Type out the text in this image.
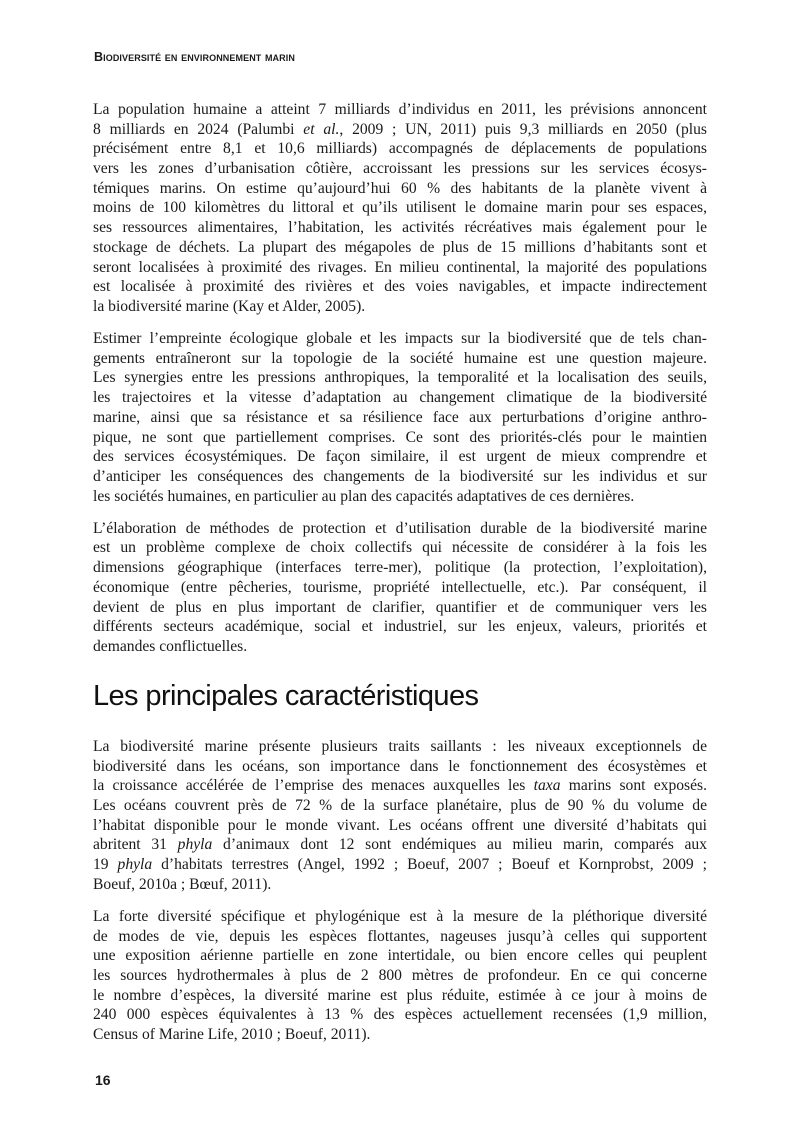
Biodiversité en environnement marin
La population humaine a atteint 7 milliards d’individus en 2011, les prévisions annoncent
8 milliards en 2024 (Palumbi et al., 2009 ; UN, 2011) puis 9,3 milliards en 2050 (plus
précisément entre 8,1 et 10,6 milliards) accompagnés de déplacements de populations
vers les zones d’urbanisation côtière, accroissant les pressions sur les services écosys-
témiques marins. On estime qu’aujourd’hui 60 % des habitants de la planète vivent à
moins de 100 kilomètres du littoral et qu’ils utilisent le domaine marin pour ses espaces,
ses ressources alimentaires, l’habitation, les activités récréatives mais également pour le
stockage de déchets. La plupart des mégapoles de plus de 15 millions d’habitants sont et
seront localisées à proximité des rivages. En milieu continental, la majorité des populations
est localisée à proximité des rivières et des voies navigables, et impacte indirectement
la biodiversité marine (Kay et Alder, 2005).
Estimer l’empreinte écologique globale et les impacts sur la biodiversité que de tels chan-
gements entraîneront sur la topologie de la société humaine est une question majeure.
Les synergies entre les pressions anthropiques, la temporalité et la localisation des seuils,
les trajectoires et la vitesse d’adaptation au changement climatique de la biodiversité
marine, ainsi que sa résistance et sa résilience face aux perturbations d’origine anthro-
pique, ne sont que partiellement comprises. Ce sont des priorités-clés pour le maintien
des services écosystémiques. De façon similaire, il est urgent de mieux comprendre et
d’anticiper les conséquences des changements de la biodiversité sur les individus et sur
les sociétés humaines, en particulier au plan des capacités adaptatives de ces dernières.
L’élaboration de méthodes de protection et d’utilisation durable de la biodiversité marine
est un problème complexe de choix collectifs qui nécessite de considérer à la fois les
dimensions géographique (interfaces terre-mer), politique (la protection, l’exploitation),
économique (entre pêcheries, tourisme, propriété intellectuelle, etc.). Par conséquent, il
devient de plus en plus important de clarifier, quantifier et de communiquer vers les
différents secteurs académique, social et industriel, sur les enjeux, valeurs, priorités et
demandes conflictuelles.
Les principales caractéristiques
La biodiversité marine présente plusieurs traits saillants : les niveaux exceptionnels de
biodiversité dans les océans, son importance dans le fonctionnement des écosystèmes et
la croissance accélérée de l’emprise des menaces auxquelles les taxa marins sont exposés.
Les océans couvrent près de 72 % de la surface planétaire, plus de 90 % du volume de
l’habitat disponible pour le monde vivant. Les océans offrent une diversité d’habitats qui
abritent 31 phyla d’animaux dont 12 sont endémiques au milieu marin, comparés aux
19 phyla d’habitats terrestres (Angel, 1992 ; Boeuf, 2007 ; Boeuf et Kornprobst, 2009 ;
Boeuf, 2010a ; Bœuf, 2011).
La forte diversité spécifique et phylogénique est à la mesure de la pléthorique diversité
de modes de vie, depuis les espèces flottantes, nageuses jusqu’à celles qui supportent
une exposition aérienne partielle en zone intertidale, ou bien encore celles qui peuplent
les sources hydrothermales à plus de 2 800 mètres de profondeur. En ce qui concerne
le nombre d’espèces, la diversité marine est plus réduite, estimée à ce jour à moins de
240 000 espèces équivalentes à 13 % des espèces actuellement recensées (1,9 million,
Census of Marine Life, 2010 ; Boeuf, 2011).
16
